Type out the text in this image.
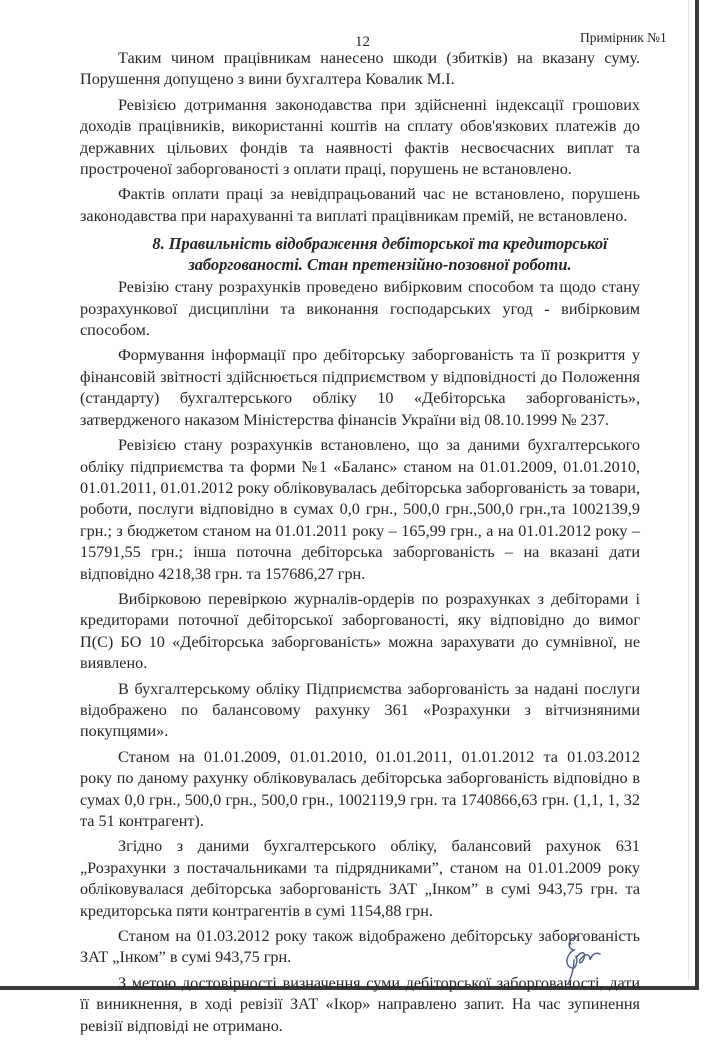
12	Примірник №1

Таким чином працівникам нанесено шкоди (збитків) на вказану суму. Порушення допущено з вини бухгалтера Ковалик М.І.

Ревізією дотримання законодавства при здійсненні індексації грошових доходів працівників, використанні коштів на сплату обов'язкових платежів до державних цільових фондів та наявності фактів несвоєчасних виплат та простроченої заборгованості з оплати праці, порушень не встановлено.

Фактів оплати праці за невідпрацьований час не встановлено, порушень законодавства при нарахуванні та виплаті працівникам премій, не встановлено.

8. Правильність відображення дебіторської та кредиторської
заборгованості. Стан претензійно-позовної роботи.

Ревізію стану розрахунків проведено вибірковим способом та щодо стану розрахункової дисципліни та виконання господарських угод - вибірковим способом.

Формування інформації про дебіторську заборгованість та її розкриття у фінансовій звітності здійснюється підприємством у відповідності до Положення (стандарту) бухгалтерського обліку 10 «Дебіторська заборгованість», затвердженого наказом Міністерства фінансів України від 08.10.1999 № 237.

Ревізією стану розрахунків встановлено, що за даними бухгалтерського обліку підприємства та форми №1 «Баланс» станом на 01.01.2009, 01.01.2010, 01.01.2011, 01.01.2012 року обліковувалась дебіторська заборгованість за товари, роботи, послуги відповідно в сумах 0,0 грн., 500,0 грн.,500,0 грн.,та 1002139,9 грн.; з бюджетом станом на 01.01.2011 року – 165,99 грн., а на 01.01.2012 року – 15791,55 грн.; інша поточна дебіторська заборгованість – на вказані дати відповідно 4218,38 грн. та 157686,27 грн.

Вибірковою перевіркою журналів-ордерів по розрахунках з дебіторами і кредиторами поточної дебіторської заборгованості, яку відповідно до вимог П(С) БО 10 «Дебіторська заборгованість» можна зарахувати до сумнівної, не виявлено.

В бухгалтерському обліку Підприємства заборгованість за надані послуги відображено по балансовому рахунку 361 «Розрахунки з вітчизняними покупцями».

Станом на 01.01.2009, 01.01.2010, 01.01.2011, 01.01.2012 та 01.03.2012 року по даному рахунку обліковувалась дебіторська заборгованість відповідно в сумах 0,0 грн., 500,0 грн., 500,0 грн., 1002119,9 грн. та 1740866,63 грн. (1,1, 1, 32 та 51 контрагент).

Згідно з даними бухгалтерського обліку, балансовий рахунок 631 „Розрахунки з постачальниками та підрядниками”, станом на 01.01.2009 року обліковувалася дебіторська заборгованість ЗАТ „Інком” в сумі 943,75 грн. та кредиторська пяти контрагентів в сумі 1154,88 грн.

Станом на 01.03.2012 року також відображено дебіторську заборгованість ЗАТ „Інком” в сумі 943,75 грн.

З метою достовірності визначення суми дебіторської заборгованості, дати її виникнення, в ході ревізії ЗАТ «Ікор» направлено запит. На час зупинення ревізії відповіді не отримано.
